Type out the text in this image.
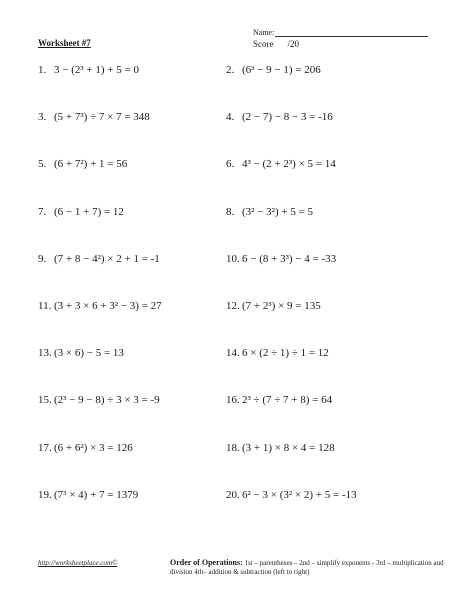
Worksheet #7
Name:
Score /20
1. 3 − (2³ + 1) + 5 = 0	2. (6³ − 9 − 1) = 206
3. (5 + 7³) ÷ 7 × 7 = 348	4. (2 − 7) − 8 − 3 = -16
5. (6 + 7²) + 1 = 56	6. 4³ − (2 + 2³) × 5 = 14
7. (6 − 1 + 7) = 12	8. (3² − 3²) + 5 = 5
9. (7 + 8 − 4²) × 2 + 1 = -1	10. 6 − (8 + 3³) − 4 = -33
11. (3 + 3 × 6 + 3² − 3) = 27	12. (7 + 2³) × 9 = 135
13. (3 × 6) − 5 = 13	14. 6 × (2 ÷ 1) ÷ 1 = 12
15. (2³ − 9 − 8) ÷ 3 × 3 = -9	16. 2³ ÷ (7 ÷ 7 + 8) = 64
17. (6 + 6²) × 3 = 126	18. (3 + 1) × 8 × 4 = 128
19. (7³ × 4) + 7 = 1379	20. 6² − 3 × (3² × 2) + 5 = -13
http://worksheetplace.com©	Order of Operations: 1st – parentheses – 2nd – simplify exponents - 3rd – multiplication and division 4th– addition & subtraction (left to right)
